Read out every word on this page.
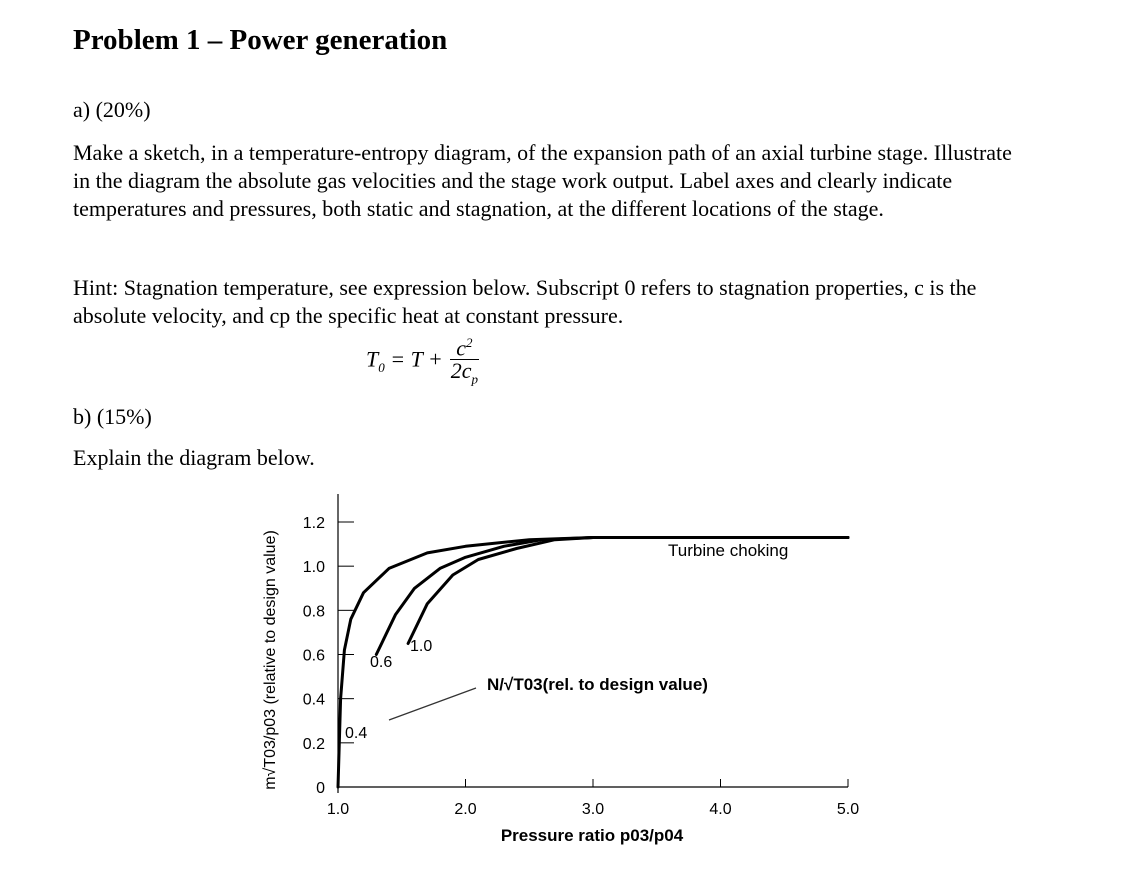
Problem 1 – Power generation
a) (20%)
Make a sketch, in a temperature-entropy diagram, of the expansion path of an axial turbine stage. Illustrate in the diagram the absolute gas velocities and the stage work output. Label axes and clearly indicate temperatures and pressures, both static and stagnation, at the different locations of the stage.
Hint: Stagnation temperature, see expression below. Subscript 0 refers to stagnation properties, c is the absolute velocity, and cp the specific heat at constant pressure.
$T_0 = T + \frac{c^2}{2c_p}$
b) (15%)
Explain the diagram below.
1.0	2.0	3.0	4.0	5.0
0
0.2
0.4
0.6
0.8
1.0
1.2
m√T03/p03 (relative to design value)
Pressure ratio p03/p04
0.4
0.6
1.0
Turbine choking
N/√T03(rel. to design value)
